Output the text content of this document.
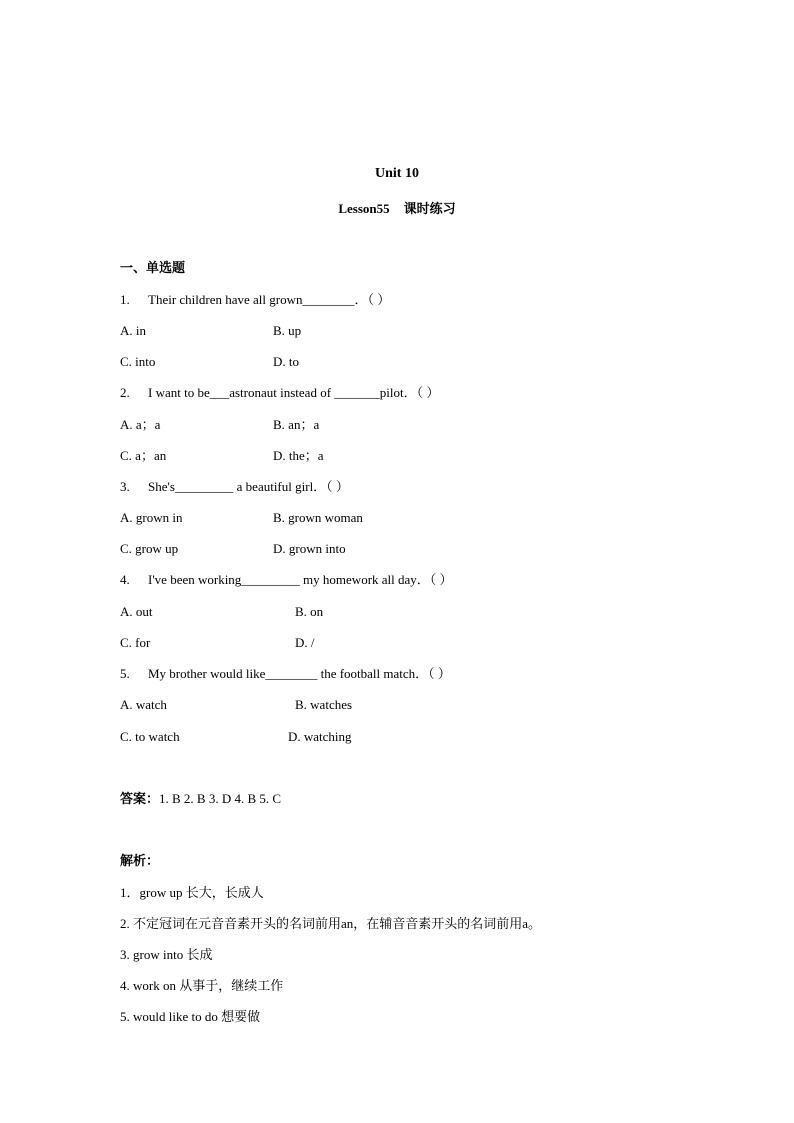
Unit 10
Lesson55 课时练习
一、单选题
1. Their children have all grown________．（ ）
A. in	B. up
C. into	D. to
2. I want to be___astronaut instead of _______pilot．（ ）
A. a；a	B. an；a
C. a；an	D. the；a
3. She's_________ a beautiful girl．（ ）
A. grown in	B. grown woman
C. grow up	D. grown into
4. I've been working_________ my homework all day．（ ）
A. out	B. on
C. for	D. /
5. My brother would like________ the football match．（ ）
A. watch	B. watches
C. to watch	D. watching
答案：1. B 2. B 3. D 4. B 5. C
解析：
1．grow up 长大，长成人
2. 不定冠词在元音音素开头的名词前用an，在辅音音素开头的名词前用a。
3. grow into 长成
4. work on 从事于，继续工作
5. would like to do 想要做
